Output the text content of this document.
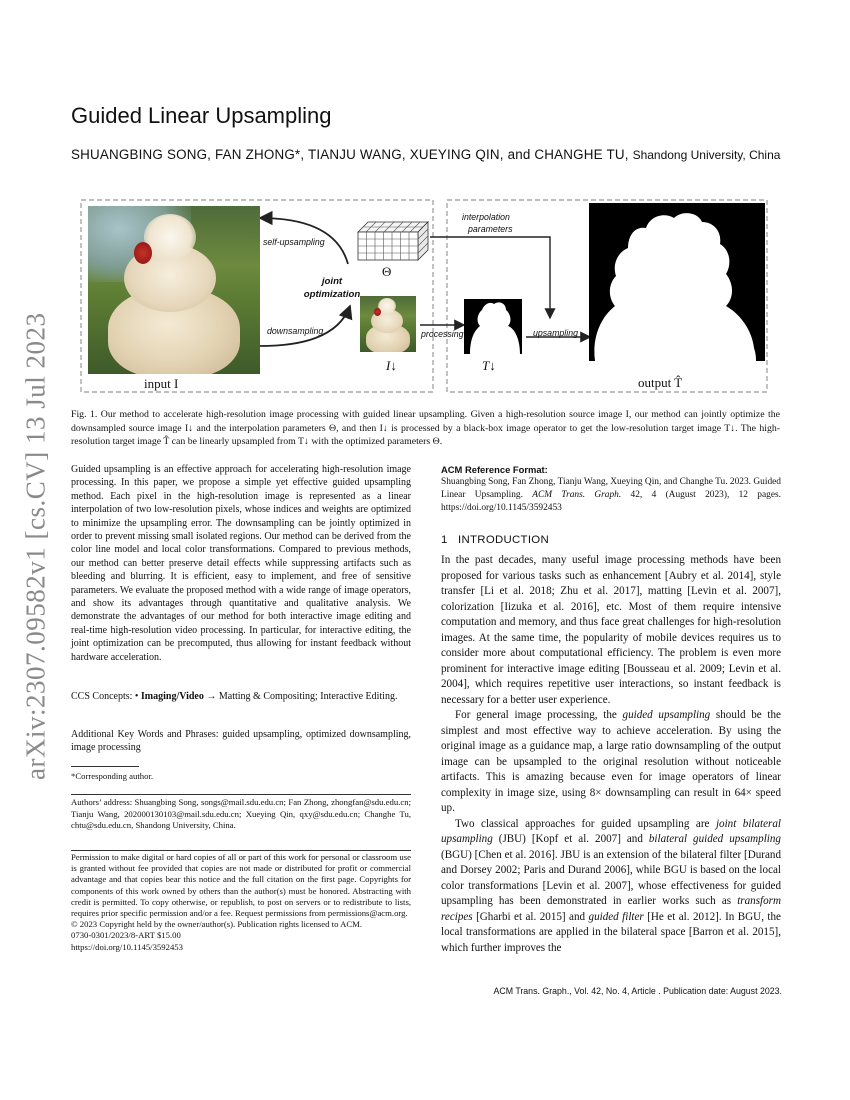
arXiv:2307.09582v1 [cs.CV] 13 Jul 2023
Guided Linear Upsampling
SHUANGBING SONG, FAN ZHONG*, TIANJU WANG, XUEYING QIN, and CHANGHE TU, Shandong University, China
self-upsampling
joint
optimization
downsampling	processing	upsampling
interpolation
parameters
Θ
I↓	T↓
input I	output T̂
Fig. 1. Our method to accelerate high-resolution image processing with guided linear upsampling. Given a high-resolution source image I, our method can jointly optimize the downsampled source image I↓ and the interpolation parameters Θ, and then I↓ is processed by a black-box image operator to get the low-resolution target image T↓. The high-resolution target image T̂ can be linearly upsampled from T↓ with the optimized parameters Θ.
Guided upsampling is an effective approach for accelerating high-resolution image processing. In this paper, we propose a simple yet effective guided upsampling method. Each pixel in the high-resolution image is represented as a linear interpolation of two low-resolution pixels, whose indices and weights are optimized to minimize the upsampling error. The downsampling can be jointly optimized in order to prevent missing small isolated regions. Our method can be derived from the color line model and local color transformations. Compared to previous methods, our method can better preserve detail effects while suppressing artifacts such as bleeding and blurring. It is efficient, easy to implement, and free of sensitive parameters. We evaluate the proposed method with a wide range of image operators, and show its advantages through quantitative and qualitative analysis. We demonstrate the advantages of our method for both interactive image editing and real-time high-resolution video processing. In particular, for interactive editing, the joint optimization can be precomputed, thus allowing for instant feedback without hardware acceleration.
CCS Concepts: • Imaging/Video → Matting & Compositing; Interactive Editing.
Additional Key Words and Phrases: guided upsampling, optimized downsampling, image processing
*Corresponding author.
Authors’ address: Shuangbing Song, songs@mail.sdu.edu.cn; Fan Zhong, zhongfan@sdu.edu.cn; Tianju Wang, 202000130103@mail.sdu.edu.cn; Xueying Qin, qxy@sdu.edu.cn; Changhe Tu, chtu@sdu.edu.cn, Shandong University, China.
Permission to make digital or hard copies of all or part of this work for personal or classroom use is granted without fee provided that copies are not made or distributed for profit or commercial advantage and that copies bear this notice and the full citation on the first page. Copyrights for components of this work owned by others than the author(s) must be honored. Abstracting with credit is permitted. To copy otherwise, or republish, to post on servers or to redistribute to lists, requires prior specific permission and/or a fee. Request permissions from permissions@acm.org.
© 2023 Copyright held by the owner/author(s). Publication rights licensed to ACM.
0730-0301/2023/8-ART $15.00
https://doi.org/10.1145/3592453
ACM Reference Format:
Shuangbing Song, Fan Zhong, Tianju Wang, Xueying Qin, and Changhe Tu. 2023. Guided Linear Upsampling. ACM Trans. Graph. 42, 4 (August 2023), 12 pages. https://doi.org/10.1145/3592453
1 INTRODUCTION

In the past decades, many useful image processing methods have been proposed for various tasks such as enhancement [Aubry et al. 2014], style transfer [Li et al. 2018; Zhu et al. 2017], matting [Levin et al. 2007], colorization [Iizuka et al. 2016], etc. Most of them require intensive computation and memory, and thus face great challenges for high-resolution images. At the same time, the popularity of mobile devices requires us to consider more about computational efficiency. The problem is even more prominent for interactive image editing [Bousseau et al. 2009; Levin et al. 2004], which requires repetitive user interactions, so instant feedback is necessary for a better user experience.

For general image processing, the guided upsampling should be the simplest and most effective way to achieve acceleration. By using the original image as a guidance map, a large ratio downsampling of the output image can be upsampled to the original resolution without noticeable artifacts. This is amazing because even for image operators of linear complexity in image size, using 8× downsampling can result in 64× speed up.

Two classical approaches for guided upsampling are joint bilateral upsampling (JBU) [Kopf et al. 2007] and bilateral guided upsampling (BGU) [Chen et al. 2016]. JBU is an extension of the bilateral filter [Durand and Dorsey 2002; Paris and Durand 2006], while BGU is based on the local color transformations [Levin et al. 2007], whose effectiveness for guided upsampling has been demonstrated in earlier works such as transform recipes [Gharbi et al. 2015] and guided filter [He et al. 2012]. In BGU, the local transformations are applied in the bilateral space [Barron et al. 2015], which further improves the

ACM Trans. Graph., Vol. 42, No. 4, Article . Publication date: August 2023.
